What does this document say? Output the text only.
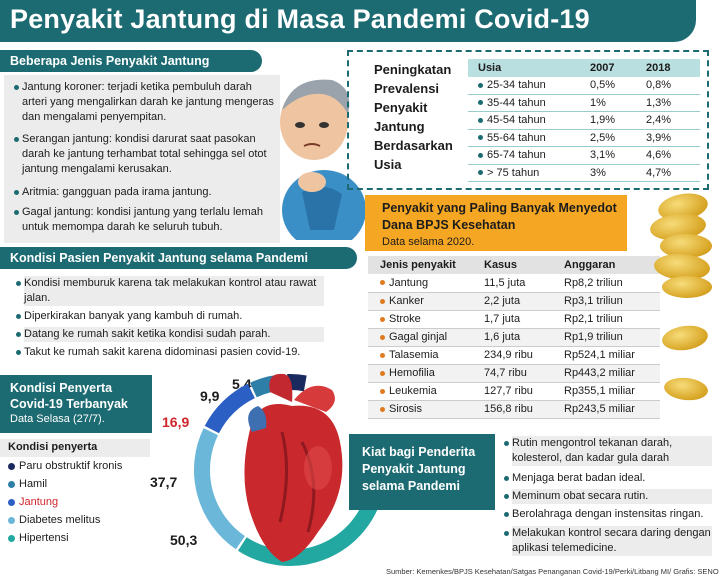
Penyakit Jantung di Masa Pandemi Covid-19
Beberapa Jenis Penyakit Jantung
Jantung koroner: terjadi ketika pembuluh darah arteri yang mengalirkan darah ke jantung mengeras dan mengalami penyempitan.
Serangan jantung: kondisi darurat saat pasokan darah ke jantung terhambat total sehingga sel otot jantung mengalami kerusakan.
Aritmia: gangguan pada irama jantung.
Gagal jantung: kondisi jantung yang terlalu lemah untuk memompa darah ke seluruh tubuh.
Peningkatan Prevalensi Penyakit Jantung Berdasarkan Usia
Usia	2007	2018
25-34 tahun	0,5%	0,8%
35-44 tahun	1%	1,3%
45-54 tahun	1,9%	2,4%
55-64 tahun	2,5%	3,9%
65-74 tahun	3,1%	4,6%
> 75 tahun	3%	4,7%
Penyakit yang Paling Banyak Menyedot Dana BPJS Kesehatan
Data selama 2020.
Jenis penyakit	Kasus	Anggaran
Jantung	11,5 juta	Rp8,2 triliun
Kanker	2,2 juta	Rp3,1 triliun
Stroke	1,7 juta	Rp2,1 triliun
Gagal ginjal	1,6 juta	Rp1,9 triliun
Talasemia	234,9 ribu	Rp524,1 miliar
Hemofilia	74,7 ribu	Rp443,2 miliar
Leukemia	127,7 ribu	Rp355,1 miliar
Sirosis	156,8 ribu	Rp243,5 miliar
Kondisi Pasien Penyakit Jantung selama Pandemi
Kondisi memburuk karena tak melakukan kontrol atau rawat jalan.
Diperkirakan banyak yang kambuh di rumah.
Datang ke rumah sakit ketika kondisi sudah parah.
Takut ke rumah sakit karena didominasi pasien covid-19.
Kondisi Penyerta Covid-19 Terbanyak
Data Selasa (27/7).
Kondisi penyerta
Paru obstruktif kronis
Hamil
Jantung
Diabetes melitus
Hipertensi
5,4
9,9
16,9
37,7
50,3
Kiat bagi Penderita Penyakit Jantung selama Pandemi
Rutin mengontrol tekanan darah, kolesterol, dan kadar gula darah
Menjaga berat badan ideal.
Meminum obat secara rutin.
Berolahraga dengan instensitas ringan.
Melakukan kontrol secara daring dengan aplikasi telemedicine.
Sumber: Kemenkes/BPJS Kesehatan/Satgas Penanganan Covid-19/Perki/Litbang MI/ Grafis: SENO
